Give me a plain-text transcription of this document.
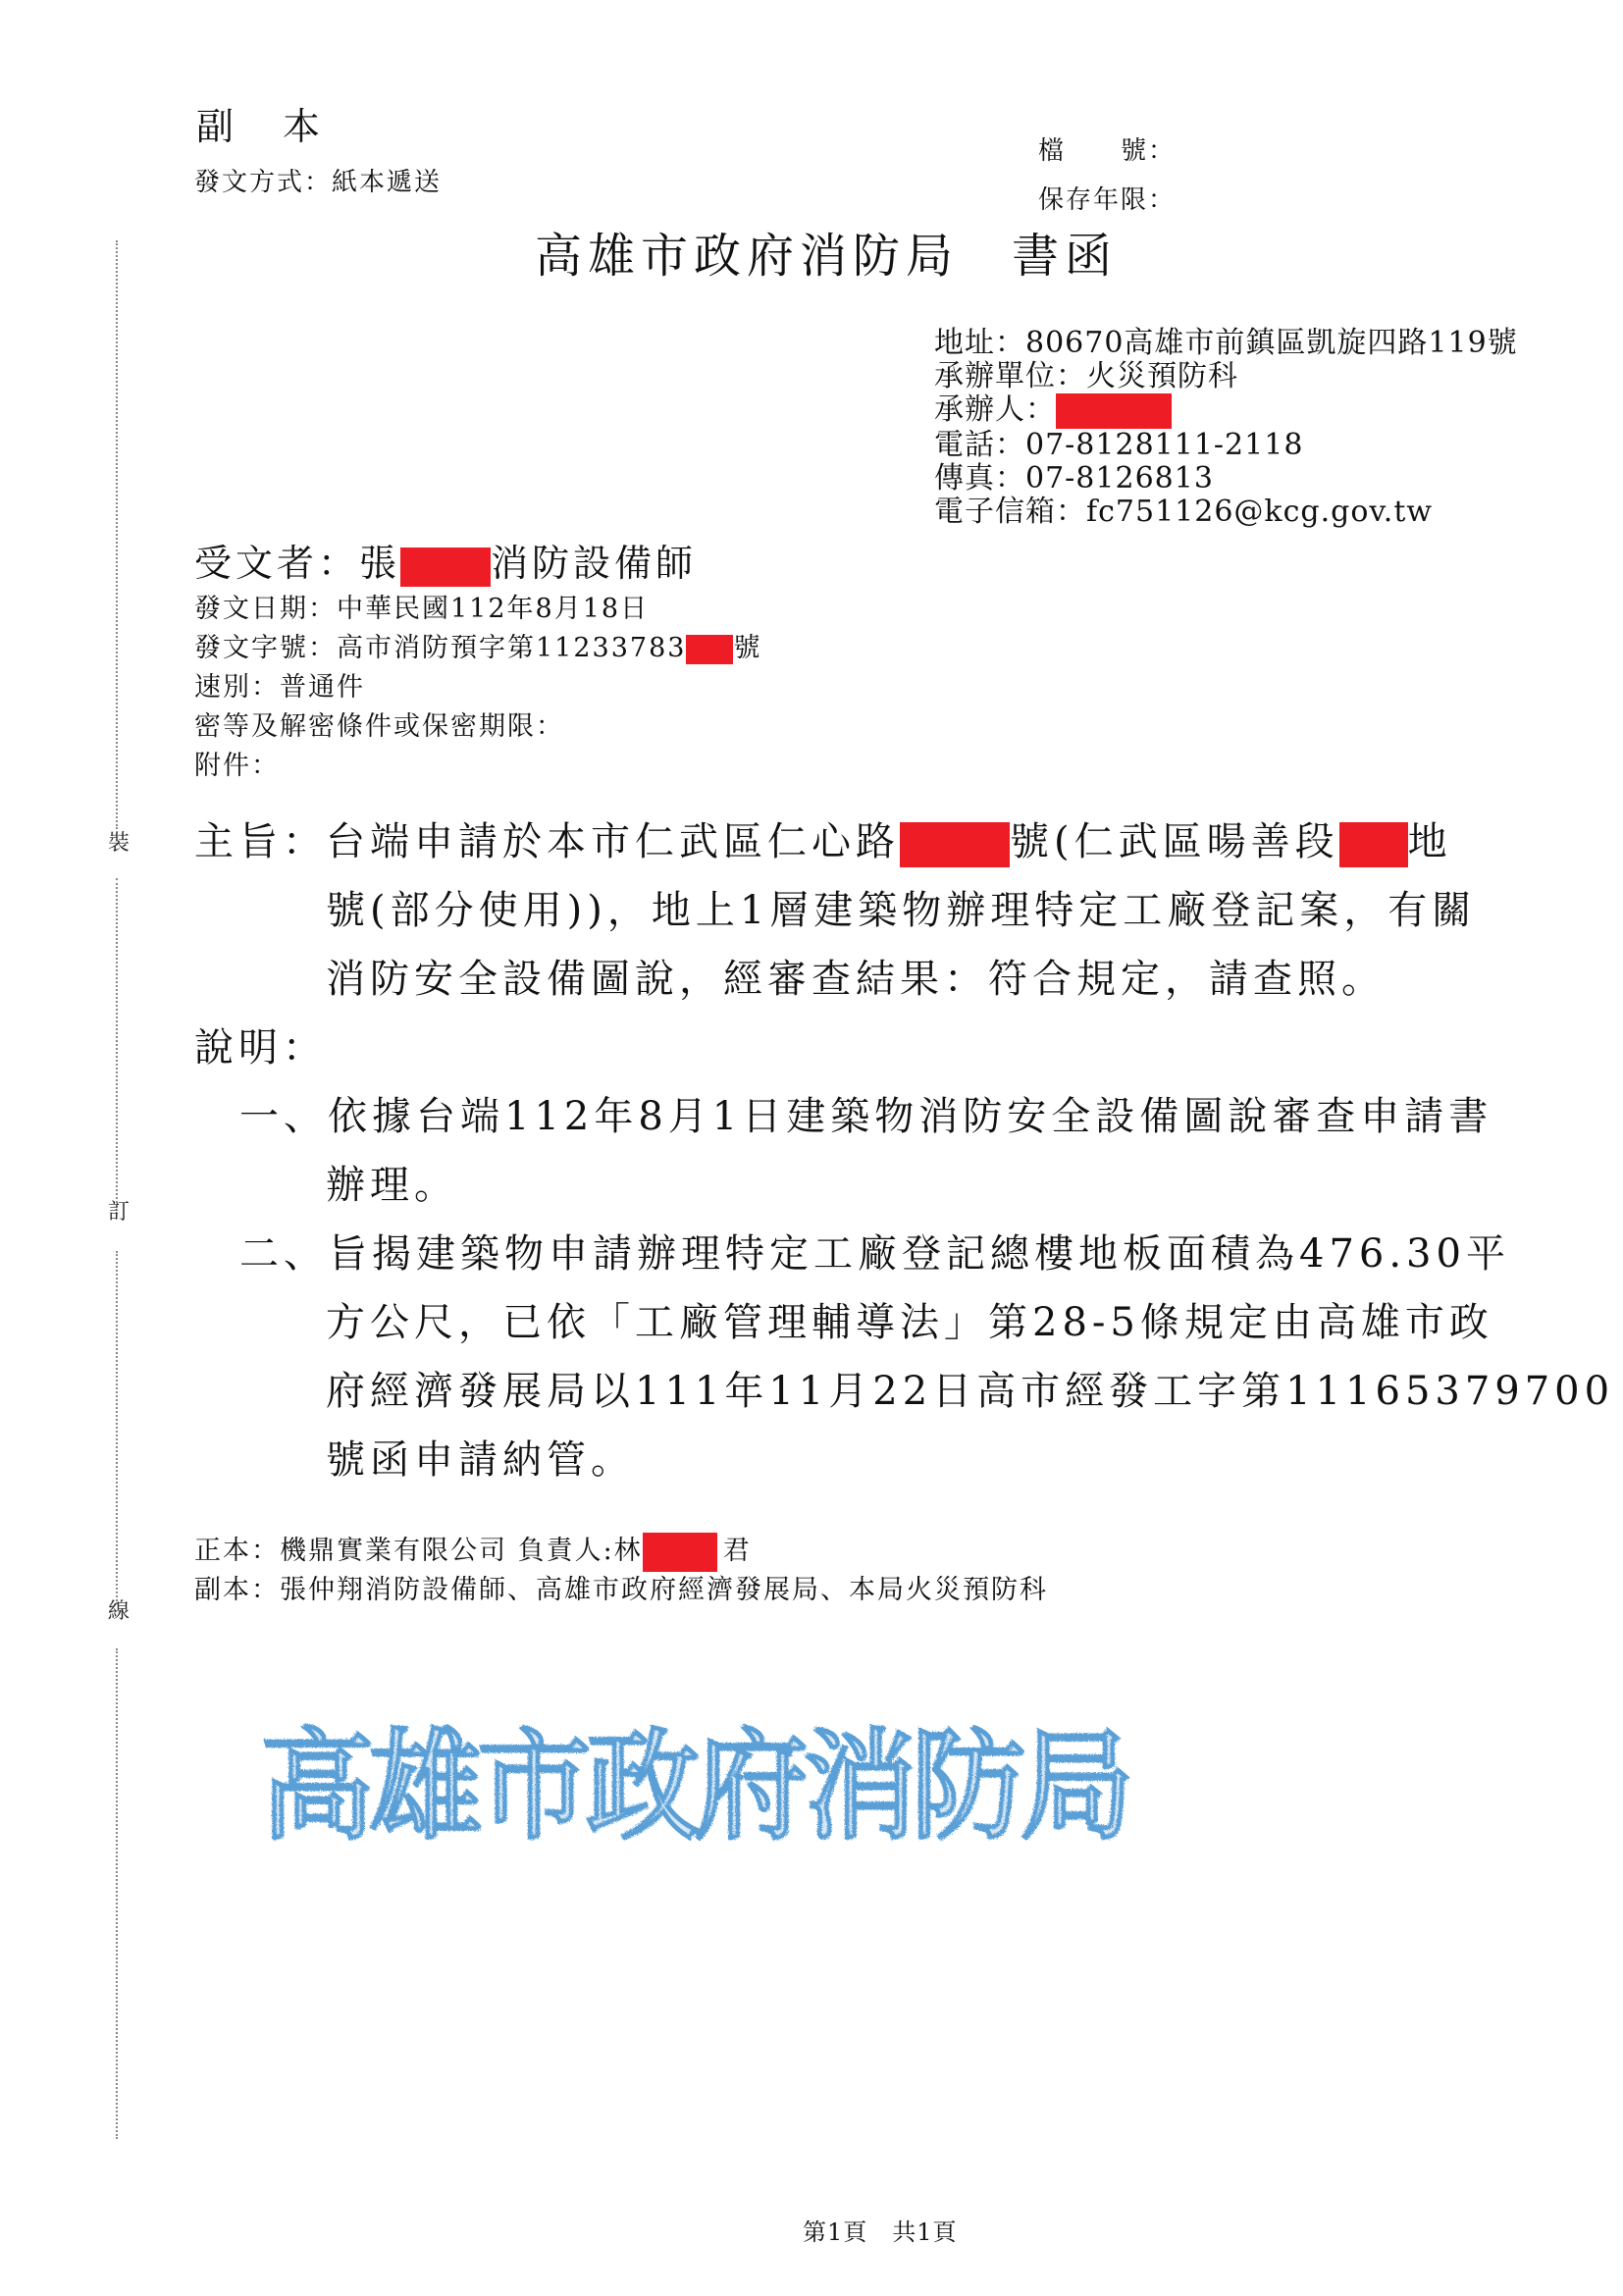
裝
訂
線
副　本
發文方式：紙本遞送
檔　　號：
保存年限：
高雄市政府消防局　書函
地址：80670高雄市前鎮區凱旋四路119號
承辦單位：火災預防科
承辦人：
電話：07-8128111-2118
傳真：07-8126813
電子信箱：fc751126@kcg.gov.tw
受文者：張 消防設備師
發文日期：中華民國112年8月18日
發文字號：高市消防預字第11233783 號
速別：普通件
密等及解密條件或保密期限：
附件：
主旨： 台端申請於本市仁武區仁心路	號(仁武區暘善段 地
號(部分使用))，地上1層建築物辦理特定工廠登記案，有關
消防安全設備圖說，經審查結果：符合規定，請查照。
說明：
一、依據台端112年8月1日建築物消防安全設備圖說審查申請書
辦理。
二、旨揭建築物申請辦理特定工廠登記總樓地板面積為476.30平
方公尺，已依「工廠管理輔導法」第28-5條規定由高雄市政
府經濟發展局以111年11月22日高市經發工字第11165379700
號函申請納管。
正本：機鼎實業有限公司 負責人:林	君
副本：張仲翔消防設備師、高雄市政府經濟發展局、本局火災預防科
高雄市政府消防局
第1頁　共1頁
